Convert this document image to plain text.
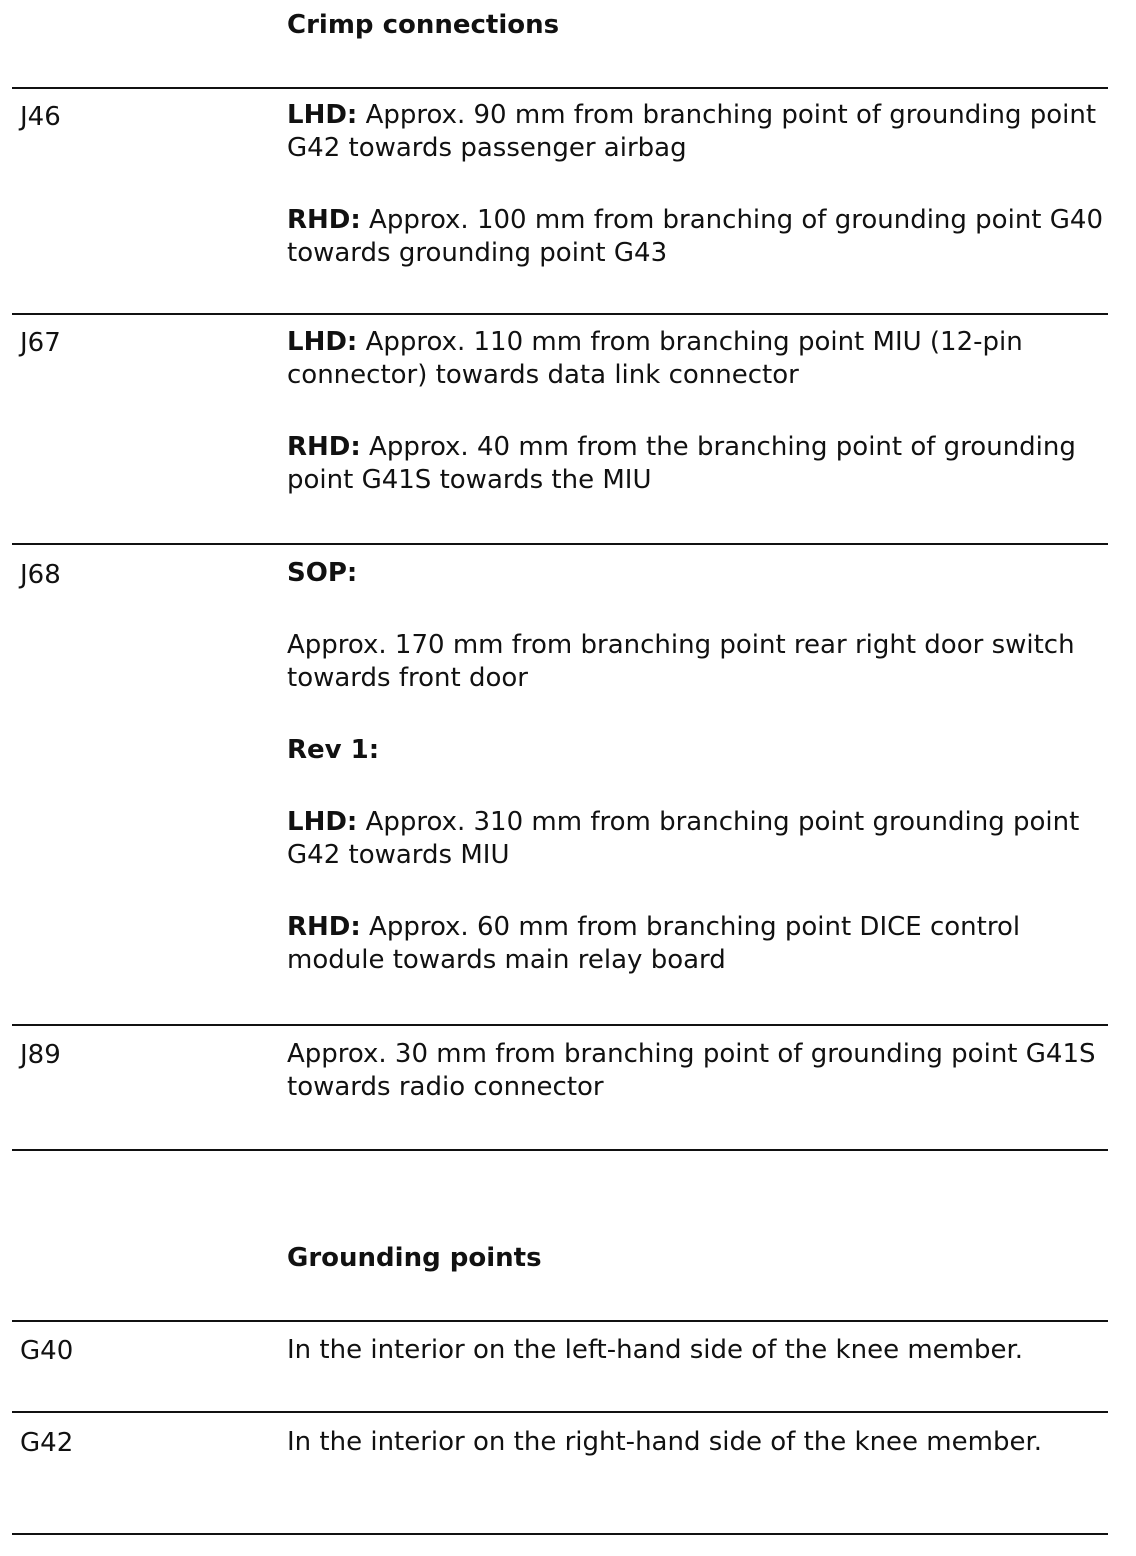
Crimp connections
J46	LHD: Approx. 90 mm from branching point of grounding point G42 towards passenger airbag

RHD: Approx. 100 mm from branching of grounding point G40 towards grounding point G43

J67	LHD: Approx. 110 mm from branching point MIU (12-pin connector) towards data link connector

RHD: Approx. 40 mm from the branching point of grounding point G41S towards the MIU

J68	SOP:

Approx. 170 mm from branching point rear right door switch towards front door

Rev 1:

LHD: Approx. 310 mm from branching point grounding point G42 towards MIU

RHD: Approx. 60 mm from branching point DICE control module towards main relay board

J89	Approx. 30 mm from branching point of grounding point G41S towards radio connector

Grounding points
G40	In the interior on the left-hand side of the knee member.

G42	In the interior on the right-hand side of the knee member.
